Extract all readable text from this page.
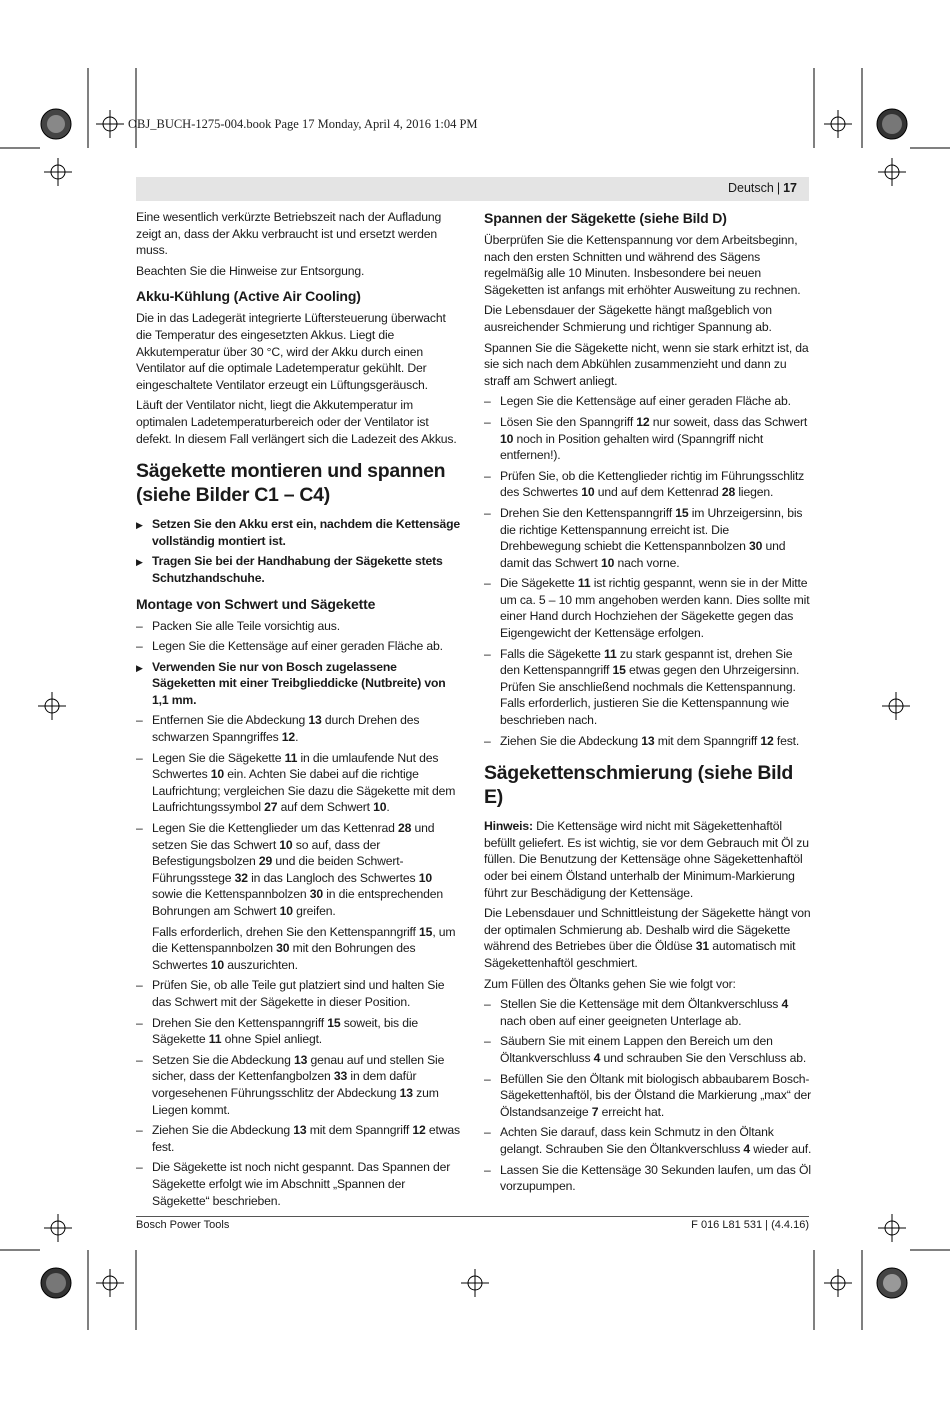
OBJ_BUCH-1275-004.book Page 17 Monday, April 4, 2016 1:04 PM
Deutsch | 17

Eine wesentlich verkürzte Betriebszeit nach der Aufladung zeigt an, dass der Akku verbraucht ist und ersetzt werden muss.

Beachten Sie die Hinweise zur Entsorgung.

Akku-Kühlung (Active Air Cooling)

Die in das Ladegerät integrierte Lüftersteuerung überwacht die Temperatur des eingesetzten Akkus. Liegt die Akkutemperatur über 30 °C, wird der Akku durch einen Ventilator auf die optimale Ladetemperatur gekühlt. Der eingeschaltete Ventilator erzeugt ein Lüftungsgeräusch.

Läuft der Ventilator nicht, liegt die Akkutemperatur im optimalen Ladetemperaturbereich oder der Ventilator ist defekt. In diesem Fall verlängert sich die Ladezeit des Akkus.

Sägekette montieren und spannen (siehe Bilder C1 – C4)
▶ Setzen Sie den Akku erst ein, nachdem die Kettensäge vollständig montiert ist.
▶ Tragen Sie bei der Handhabung der Sägekette stets Schutzhandschuhe.
Montage von Schwert und Sägekette
– Packen Sie alle Teile vorsichtig aus.
– Legen Sie die Kettensäge auf einer geraden Fläche ab.
▶ Verwenden Sie nur von Bosch zugelassene Sägeketten mit einer Treibglieddicke (Nutbreite) von 1,1 mm.
– Entfernen Sie die Abdeckung 13 durch Drehen des schwarzen Spanngriffes 12.
– Legen Sie die Sägekette 11 in die umlaufende Nut des Schwertes 10 ein. Achten Sie dabei auf die richtige Laufrichtung; vergleichen Sie dazu die Sägekette mit dem Laufrichtungssymbol 27 auf dem Schwert 10.
– Legen Sie die Kettenglieder um das Kettenrad 28 und setzen Sie das Schwert 10 so auf, dass der Befestigungsbolzen 29 und die beiden Schwert-Führungsstege 32 in das Langloch des Schwertes 10 sowie die Kettenspannbolzen 30 in die entsprechenden Bohrungen am Schwert 10 greifen.

Falls erforderlich, drehen Sie den Kettenspanngriff 15, um die Kettenspannbolzen 30 mit den Bohrungen des Schwertes 10 auszurichten.

– Prüfen Sie, ob alle Teile gut platziert sind und halten Sie das Schwert mit der Sägekette in dieser Position.
– Drehen Sie den Kettenspanngriff 15 soweit, bis die Sägekette 11 ohne Spiel anliegt.
– Setzen Sie die Abdeckung 13 genau auf und stellen Sie sicher, dass der Kettenfangbolzen 33 in dem dafür vorgesehenen Führungsschlitz der Abdeckung 13 zum Liegen kommt.
– Ziehen Sie die Abdeckung 13 mit dem Spanngriff 12 etwas fest.
– Die Sägekette ist noch nicht gespannt. Das Spannen der Sägekette erfolgt wie im Abschnitt „Spannen der Sägekette“ beschrieben.
Spannen der Sägekette (siehe Bild D)

Überprüfen Sie die Kettenspannung vor dem Arbeitsbeginn, nach den ersten Schnitten und während des Sägens regelmäßig alle 10 Minuten. Insbesondere bei neuen Sägeketten ist anfangs mit erhöhter Ausweitung zu rechnen.

Die Lebensdauer der Sägekette hängt maßgeblich von ausreichender Schmierung und richtiger Spannung ab.

Spannen Sie die Sägekette nicht, wenn sie stark erhitzt ist, da sie sich nach dem Abkühlen zusammenzieht und dann zu straff am Schwert anliegt.

– Legen Sie die Kettensäge auf einer geraden Fläche ab.
– Lösen Sie den Spanngriff 12 nur soweit, dass das Schwert 10 noch in Position gehalten wird (Spanngriff nicht entfernen!).
– Prüfen Sie, ob die Kettenglieder richtig im Führungsschlitz des Schwertes 10 und auf dem Kettenrad 28 liegen.
– Drehen Sie den Kettenspanngriff 15 im Uhrzeigersinn, bis die richtige Kettenspannung erreicht ist. Die Drehbewegung schiebt die Kettenspannbolzen 30 und damit das Schwert 10 nach vorne.
– Die Sägekette 11 ist richtig gespannt, wenn sie in der Mitte um ca. 5 – 10 mm angehoben werden kann. Dies sollte mit einer Hand durch Hochziehen der Sägekette gegen das Eigengewicht der Kettensäge erfolgen.
– Falls die Sägekette 11 zu stark gespannt ist, drehen Sie den Kettenspanngriff 15 etwas gegen den Uhrzeigersinn. Prüfen Sie anschließend nochmals die Kettenspannung. Falls erforderlich, justieren Sie die Kettenspannung wie beschrieben nach.
– Ziehen Sie die Abdeckung 13 mit dem Spanngriff 12 fest.
Sägekettenschmierung (siehe Bild E)

Hinweis: Die Kettensäge wird nicht mit Sägekettenhaftöl befüllt geliefert. Es ist wichtig, sie vor dem Gebrauch mit Öl zu füllen. Die Benutzung der Kettensäge ohne Sägekettenhaftöl oder bei einem Ölstand unterhalb der Minimum-Markierung führt zur Beschädigung der Kettensäge.

Die Lebensdauer und Schnittleistung der Sägekette hängt von der optimalen Schmierung ab. Deshalb wird die Sägekette während des Betriebes über die Öldüse 31 automatisch mit Sägekettenhaftöl geschmiert.

Zum Füllen des Öltanks gehen Sie wie folgt vor:

– Stellen Sie die Kettensäge mit dem Öltankverschluss 4 nach oben auf einer geeigneten Unterlage ab.
– Säubern Sie mit einem Lappen den Bereich um den Öltankverschluss 4 und schrauben Sie den Verschluss ab.
– Befüllen Sie den Öltank mit biologisch abbaubarem Bosch-Sägekettenhaftöl, bis der Ölstand die Markierung „max“ der Ölstandsanzeige 7 erreicht hat.
– Achten Sie darauf, dass kein Schmutz in den Öltank gelangt. Schrauben Sie den Öltankverschluss 4 wieder auf.
– Lassen Sie die Kettensäge 30 Sekunden laufen, um das Öl vorzupumpen.
Bosch Power Tools	F 016 L81 531 | (4.4.16)
